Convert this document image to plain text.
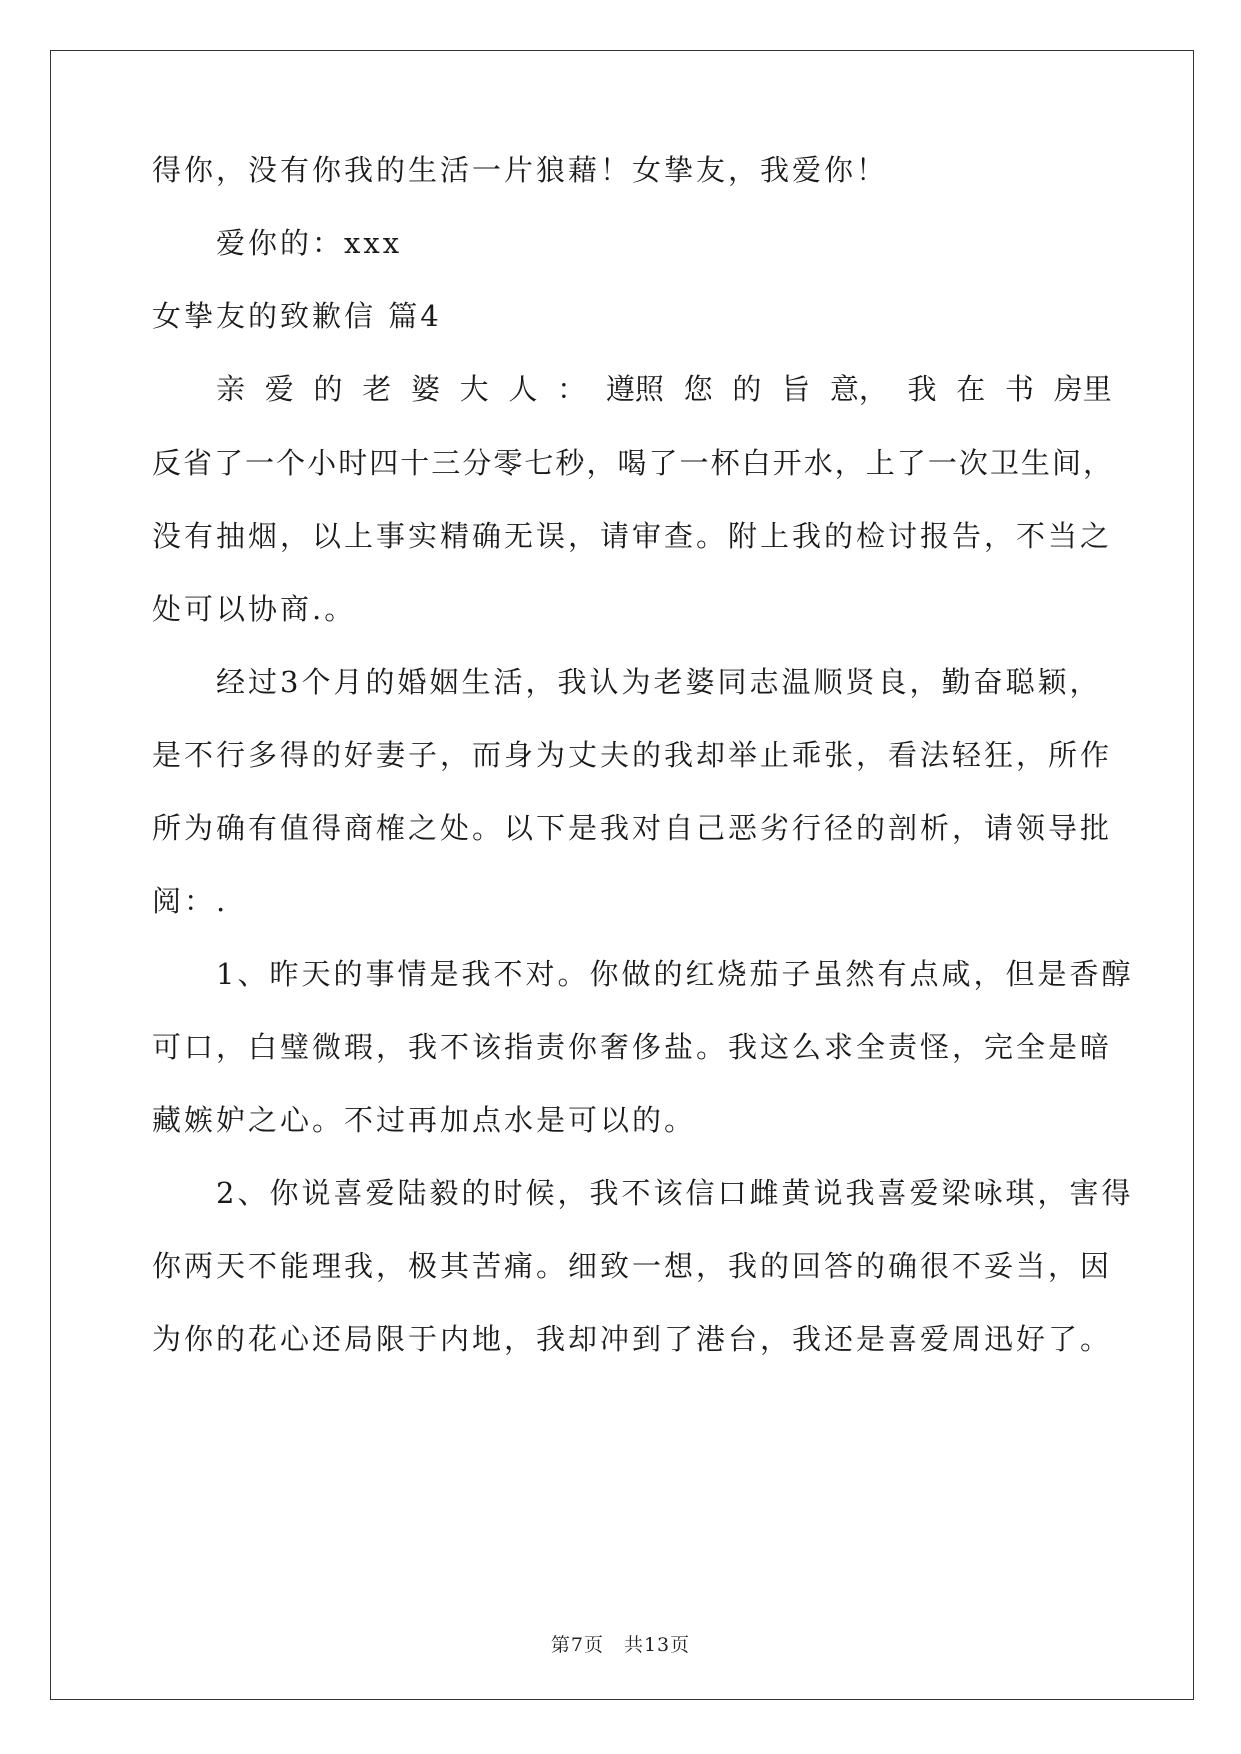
得你，没有你我的生活一片狼藉！女挚友，我爱你！
爱你的：xxx
女挚友的致歉信 篇4
亲 爱 的 老 婆 大 人 ： 遵照 您 的 旨 意， 我 在 书 房里
反省了一个小时四十三分零七秒，喝了一杯白开水，上了一次卫生间，
没有抽烟，以上事实精确无误，请审查。附上我的检讨报告，不当之
处可以协商.。
经过3个月的婚姻生活，我认为老婆同志温顺贤良，勤奋聪颖，
是不行多得的好妻子，而身为丈夫的我却举止乖张，看法轻狂，所作
所为确有值得商榷之处。以下是我对自己恶劣行径的剖析，请领导批
阅：.
1、昨天的事情是我不对。你做的红烧茄子虽然有点咸，但是香醇
可口，白璧微瑕，我不该指责你奢侈盐。我这么求全责怪，完全是暗
藏嫉妒之心。不过再加点水是可以的。
2、你说喜爱陆毅的时候，我不该信口雌黄说我喜爱梁咏琪，害得
你两天不能理我，极其苦痛。细致一想，我的回答的确很不妥当，因
为你的花心还局限于内地，我却冲到了港台，我还是喜爱周迅好了。
第7页　共13页
